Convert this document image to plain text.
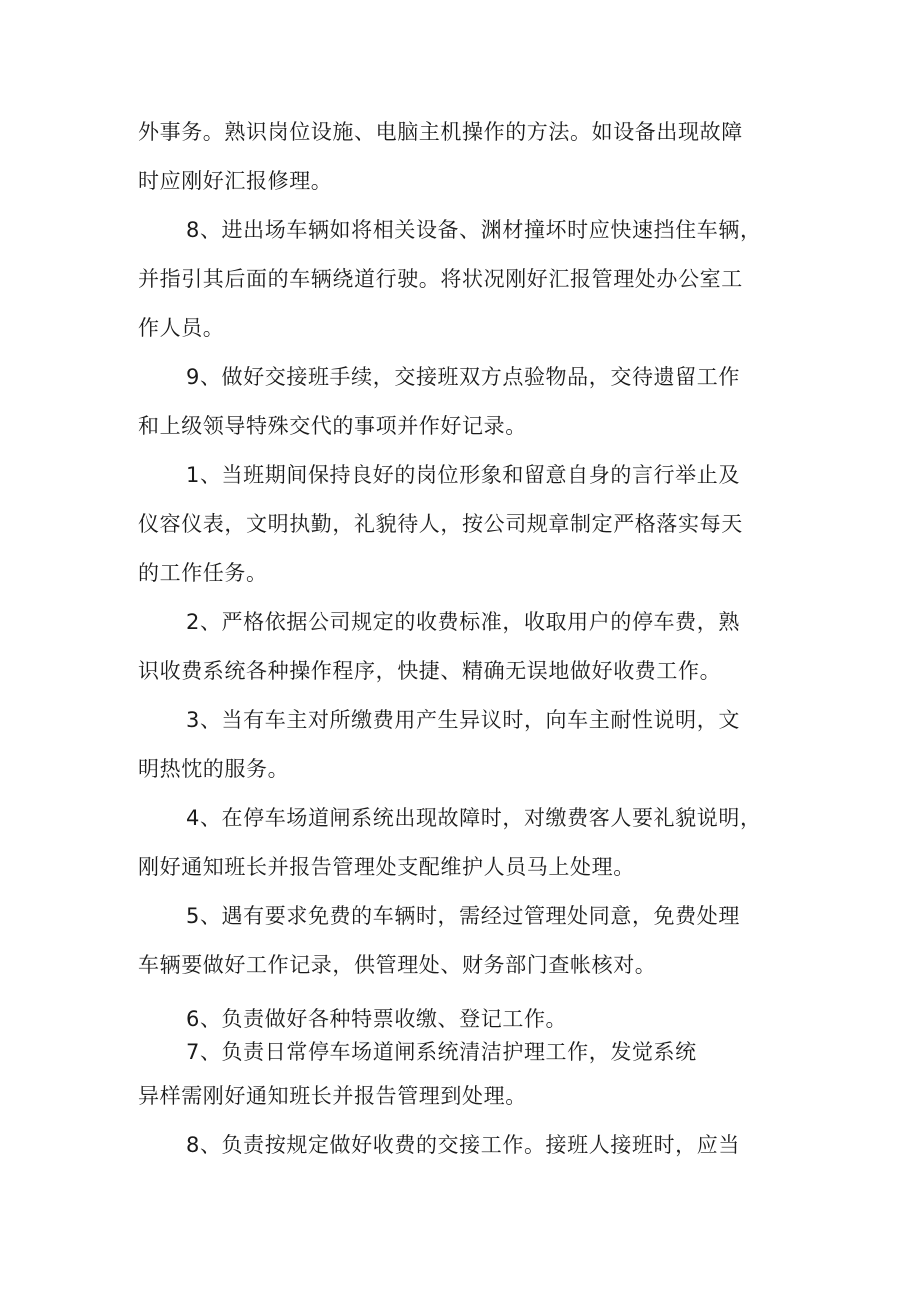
外事务。熟识岗位设施、电脑主机操作的方法。如设备出现故障
时应刚好汇报修理。
8、进出场车辆如将相关设备、渊材撞坏时应快速挡住车辆，
并指引其后面的车辆绕道行驶。将状况刚好汇报管理处办公室工
作人员。
9、做好交接班手续，交接班双方点验物品，交待遗留工作
和上级领导特殊交代的事项并作好记录。
1、当班期间保持良好的岗位形象和留意自身的言行举止及
仪容仪表，文明执勤，礼貌待人，按公司规章制定严格落实每天
的工作任务。
2、严格依据公司规定的收费标准，收取用户的停车费，熟
识收费系统各种操作程序，快捷、精确无误地做好收费工作。
3、当有车主对所缴费用产生异议时，向车主耐性说明，文
明热忱的服务。
4、在停车场道闸系统出现故障时，对缴费客人要礼貌说明，
刚好通知班长并报告管理处支配维护人员马上处理。
5、遇有要求免费的车辆时，需经过管理处同意，免费处理
车辆要做好工作记录，供管理处、财务部门查帐核对。
6、负责做好各种特票收缴、登记工作。
7、负责日常停车场道闸系统清洁护理工作，发觉系统
异样需刚好通知班长并报告管理到处理。
8、负责按规定做好收费的交接工作。接班人接班时，应当
